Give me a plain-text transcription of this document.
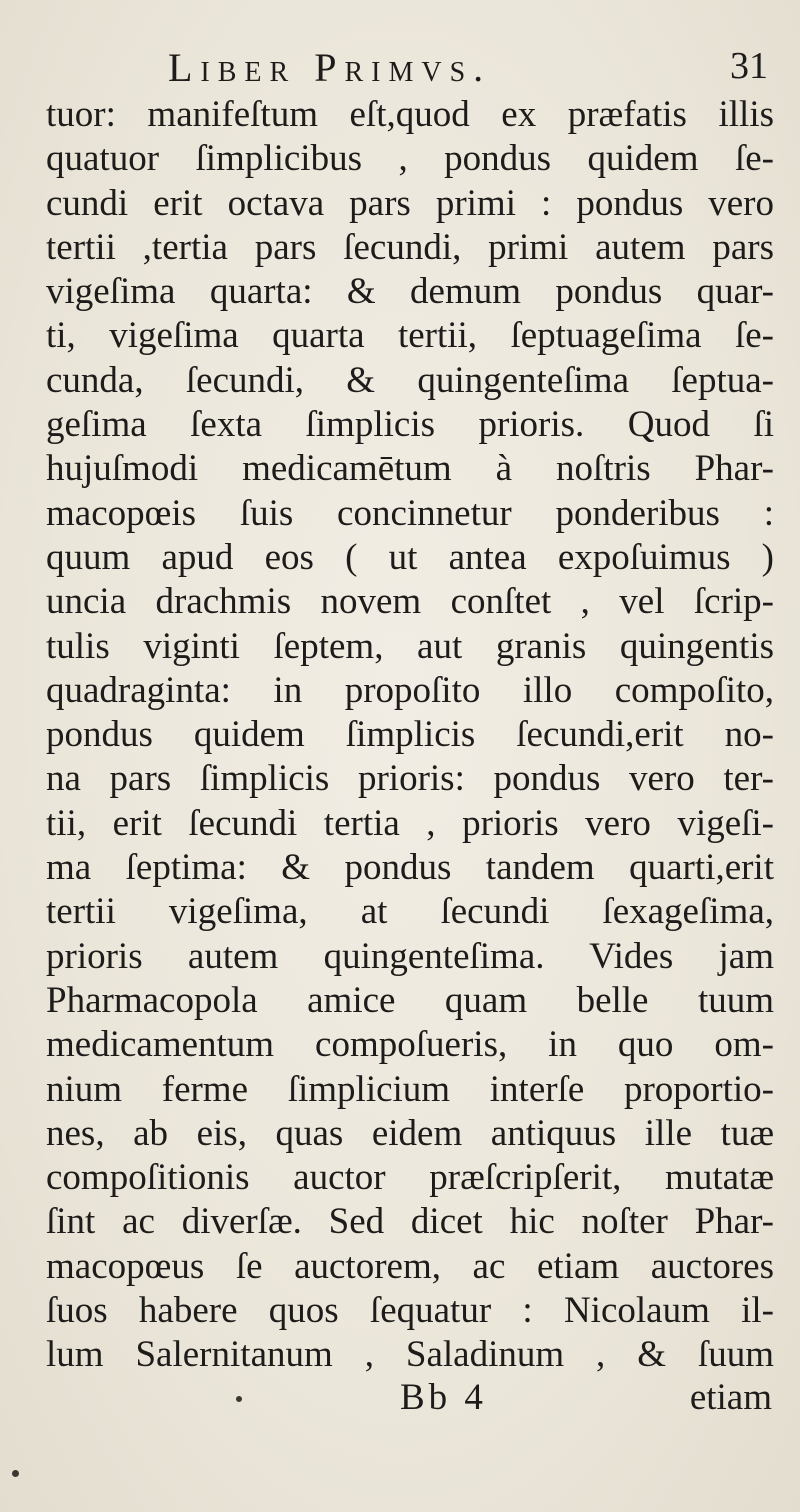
Liber Primvs.	31
tuor: manifeſtum eſt,quod ex præfatis illis
quatuor ſimplicibus , pondus quidem ſe-
cundi erit octava pars primi : pondus vero
tertii ,tertia pars ſecundi, primi autem pars
vigeſima quarta: & demum pondus quar-
ti, vigeſima quarta tertii, ſeptuageſima ſe-
cunda, ſecundi, & quingenteſima ſeptua-
geſima ſexta ſimplicis prioris. Quod ſi
hujuſmodi medicamētum à noſtris Phar-
macopœis ſuis concinnetur ponderibus :
quum apud eos ( ut antea expoſuimus )
uncia drachmis novem conſtet , vel ſcrip-
tulis viginti ſeptem, aut granis quingentis
quadraginta: in propoſito illo compoſito,
pondus quidem ſimplicis ſecundi,erit no-
na pars ſimplicis prioris: pondus vero ter-
tii, erit ſecundi tertia , prioris vero vigeſi-
ma ſeptima: & pondus tandem quarti,erit
tertii vigeſima, at ſecundi ſexageſima,
prioris autem quingenteſima. Vides jam
Pharmacopola amice quam belle tuum
medicamentum compoſueris, in quo om-
nium ferme ſimplicium interſe proportio-
nes, ab eis, quas eidem antiquus ille tuæ
compoſitionis auctor præſcripſerit, mutatæ
ſint ac diverſæ. Sed dicet hic noſter Phar-
macopœus ſe auctorem, ac etiam auctores
ſuos habere quos ſequatur : Nicolaum il-
lum Salernitanum , Saladinum , & ſuum
Bb 4	etiam
